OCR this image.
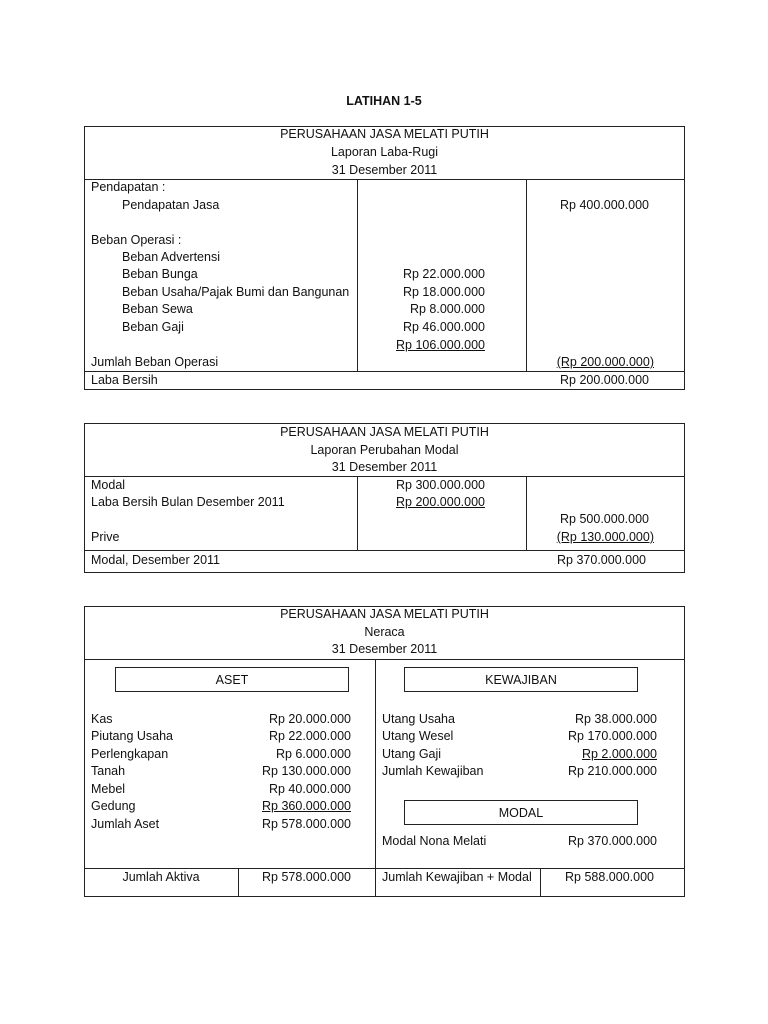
LATIHAN 1-5
PERUSAHAAN JASA MELATI PUTIH
Laporan Laba-Rugi
31 Desember 2011
Pendapatan :
Pendapatan Jasa	Rp 400.000.000
Beban Operasi :
Beban Advertensi
Beban Bunga	Rp 22.000.000
Beban Usaha/Pajak Bumi dan Bangunan	Rp 18.000.000
Beban Sewa	Rp 8.000.000
Beban Gaji	Rp 46.000.000
Rp 106.000.000
Jumlah Beban Operasi	(Rp 200.000.000)
Laba Bersih	Rp 200.000.000
PERUSAHAAN JASA MELATI PUTIH
Laporan Perubahan Modal
31 Desember 2011
Modal	Rp 300.000.000
Laba Bersih Bulan Desember 2011	Rp 200.000.000
Rp 500.000.000
Prive	(Rp 130.000.000)
Modal, Desember 2011	Rp 370.000.000
PERUSAHAAN JASA MELATI PUTIH
Neraca
31 Desember 2011
ASET	KEWAJIBAN
Kas	Rp 20.000.000
Piutang Usaha	Rp 22.000.000
Perlengkapan	Rp 6.000.000
Tanah	Rp 130.000.000
Mebel	Rp 40.000.000
Gedung	Rp 360.000.000
Jumlah Aset	Rp 578.000.000
Utang Usaha	Rp 38.000.000
Utang Wesel	Rp 170.000.000
Utang Gaji	Rp 2.000.000
Jumlah Kewajiban	Rp 210.000.000
MODAL
Modal Nona Melati	Rp 370.000.000
Jumlah Aktiva	Rp 578.000.000 Jumlah Kewajiban + Modal	Rp 588.000.000
